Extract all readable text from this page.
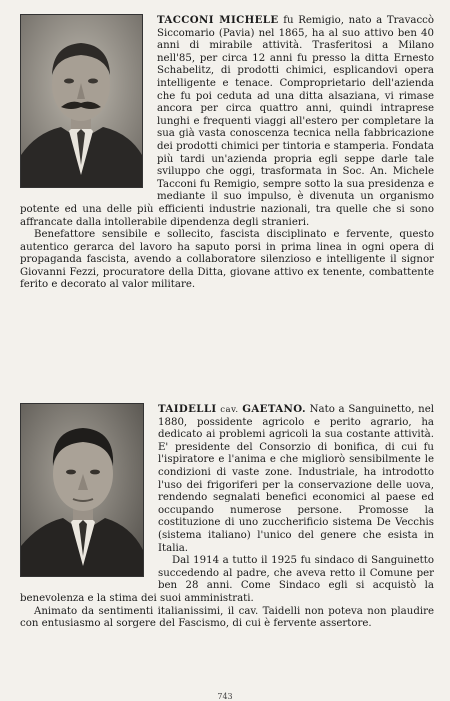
TACCONI MICHELE fu Remigio, nato a Travaccò Siccomario (Pavia) nel 1865, ha al suo attivo ben 40 anni di mirabile attività. Trasferitosi a Milano nell'85, per circa 12 anni fu presso la ditta Ernesto Schabelitz, di prodotti chimici, esplicandovi opera intelligente e tenace. Comproprietario dell'azienda che fu poi ceduta ad una ditta alsaziana, vi rimase ancora per circa quattro anni, quindi intraprese lunghi e frequenti viaggi all'estero per completare la sua già vasta conoscenza tecnica nella fabbricazione dei prodotti chimici per tintoria e stamperia. Fondata più tardi un'azienda propria egli seppe darle tale sviluppo che oggi, trasformata in Soc. An. Michele Tacconi fu Remigio, sempre sotto la sua presidenza e mediante il suo impulso, è divenuta un organismo potente ed una delle più efficienti industrie nazionali, tra quelle che si sono affrancate dalla intollerabile dipendenza degli stranieri.

Benefattore sensibile e sollecito, fascista disciplinato e fervente, questo autentico gerarca del lavoro ha saputo porsi in prima linea in ogni opera di propaganda fascista, avendo a collaboratore silenzioso e intelligente il signor Giovanni Fezzi, procuratore della Ditta, giovane attivo ex tenente, combattente ferito e decorato al valor militare.

TAIDELLI cav. GAETANO. Nato a Sanguinetto, nel 1880, possidente agricolo e perito agrario, ha dedicato ai problemi agricoli la sua costante attività. E' presidente del Consorzio di bonifica, di cui fu l'ispiratore e l'anima e che migliorò sensibilmente le condizioni di vaste zone. Industriale, ha introdotto l'uso dei frigoriferi per la conservazione delle uova, rendendo segnalati benefici economici al paese ed occupando numerose persone. Promosse la costituzione di uno zuccherificio sistema De Vecchis (sistema italiano) l'unico del genere che esista in Italia.

Dal 1914 a tutto il 1925 fu sindaco di Sanguinetto succedendo al padre, che aveva retto il Comune per ben 28 anni. Come Sindaco egli si acquistò la benevolenza e la stima dei suoi amministrati.

Animato da sentimenti italianissimi, il cav. Taidelli non poteva non plaudire con entusiasmo al sorgere del Fascismo, di cui è fervente assertore.

743
